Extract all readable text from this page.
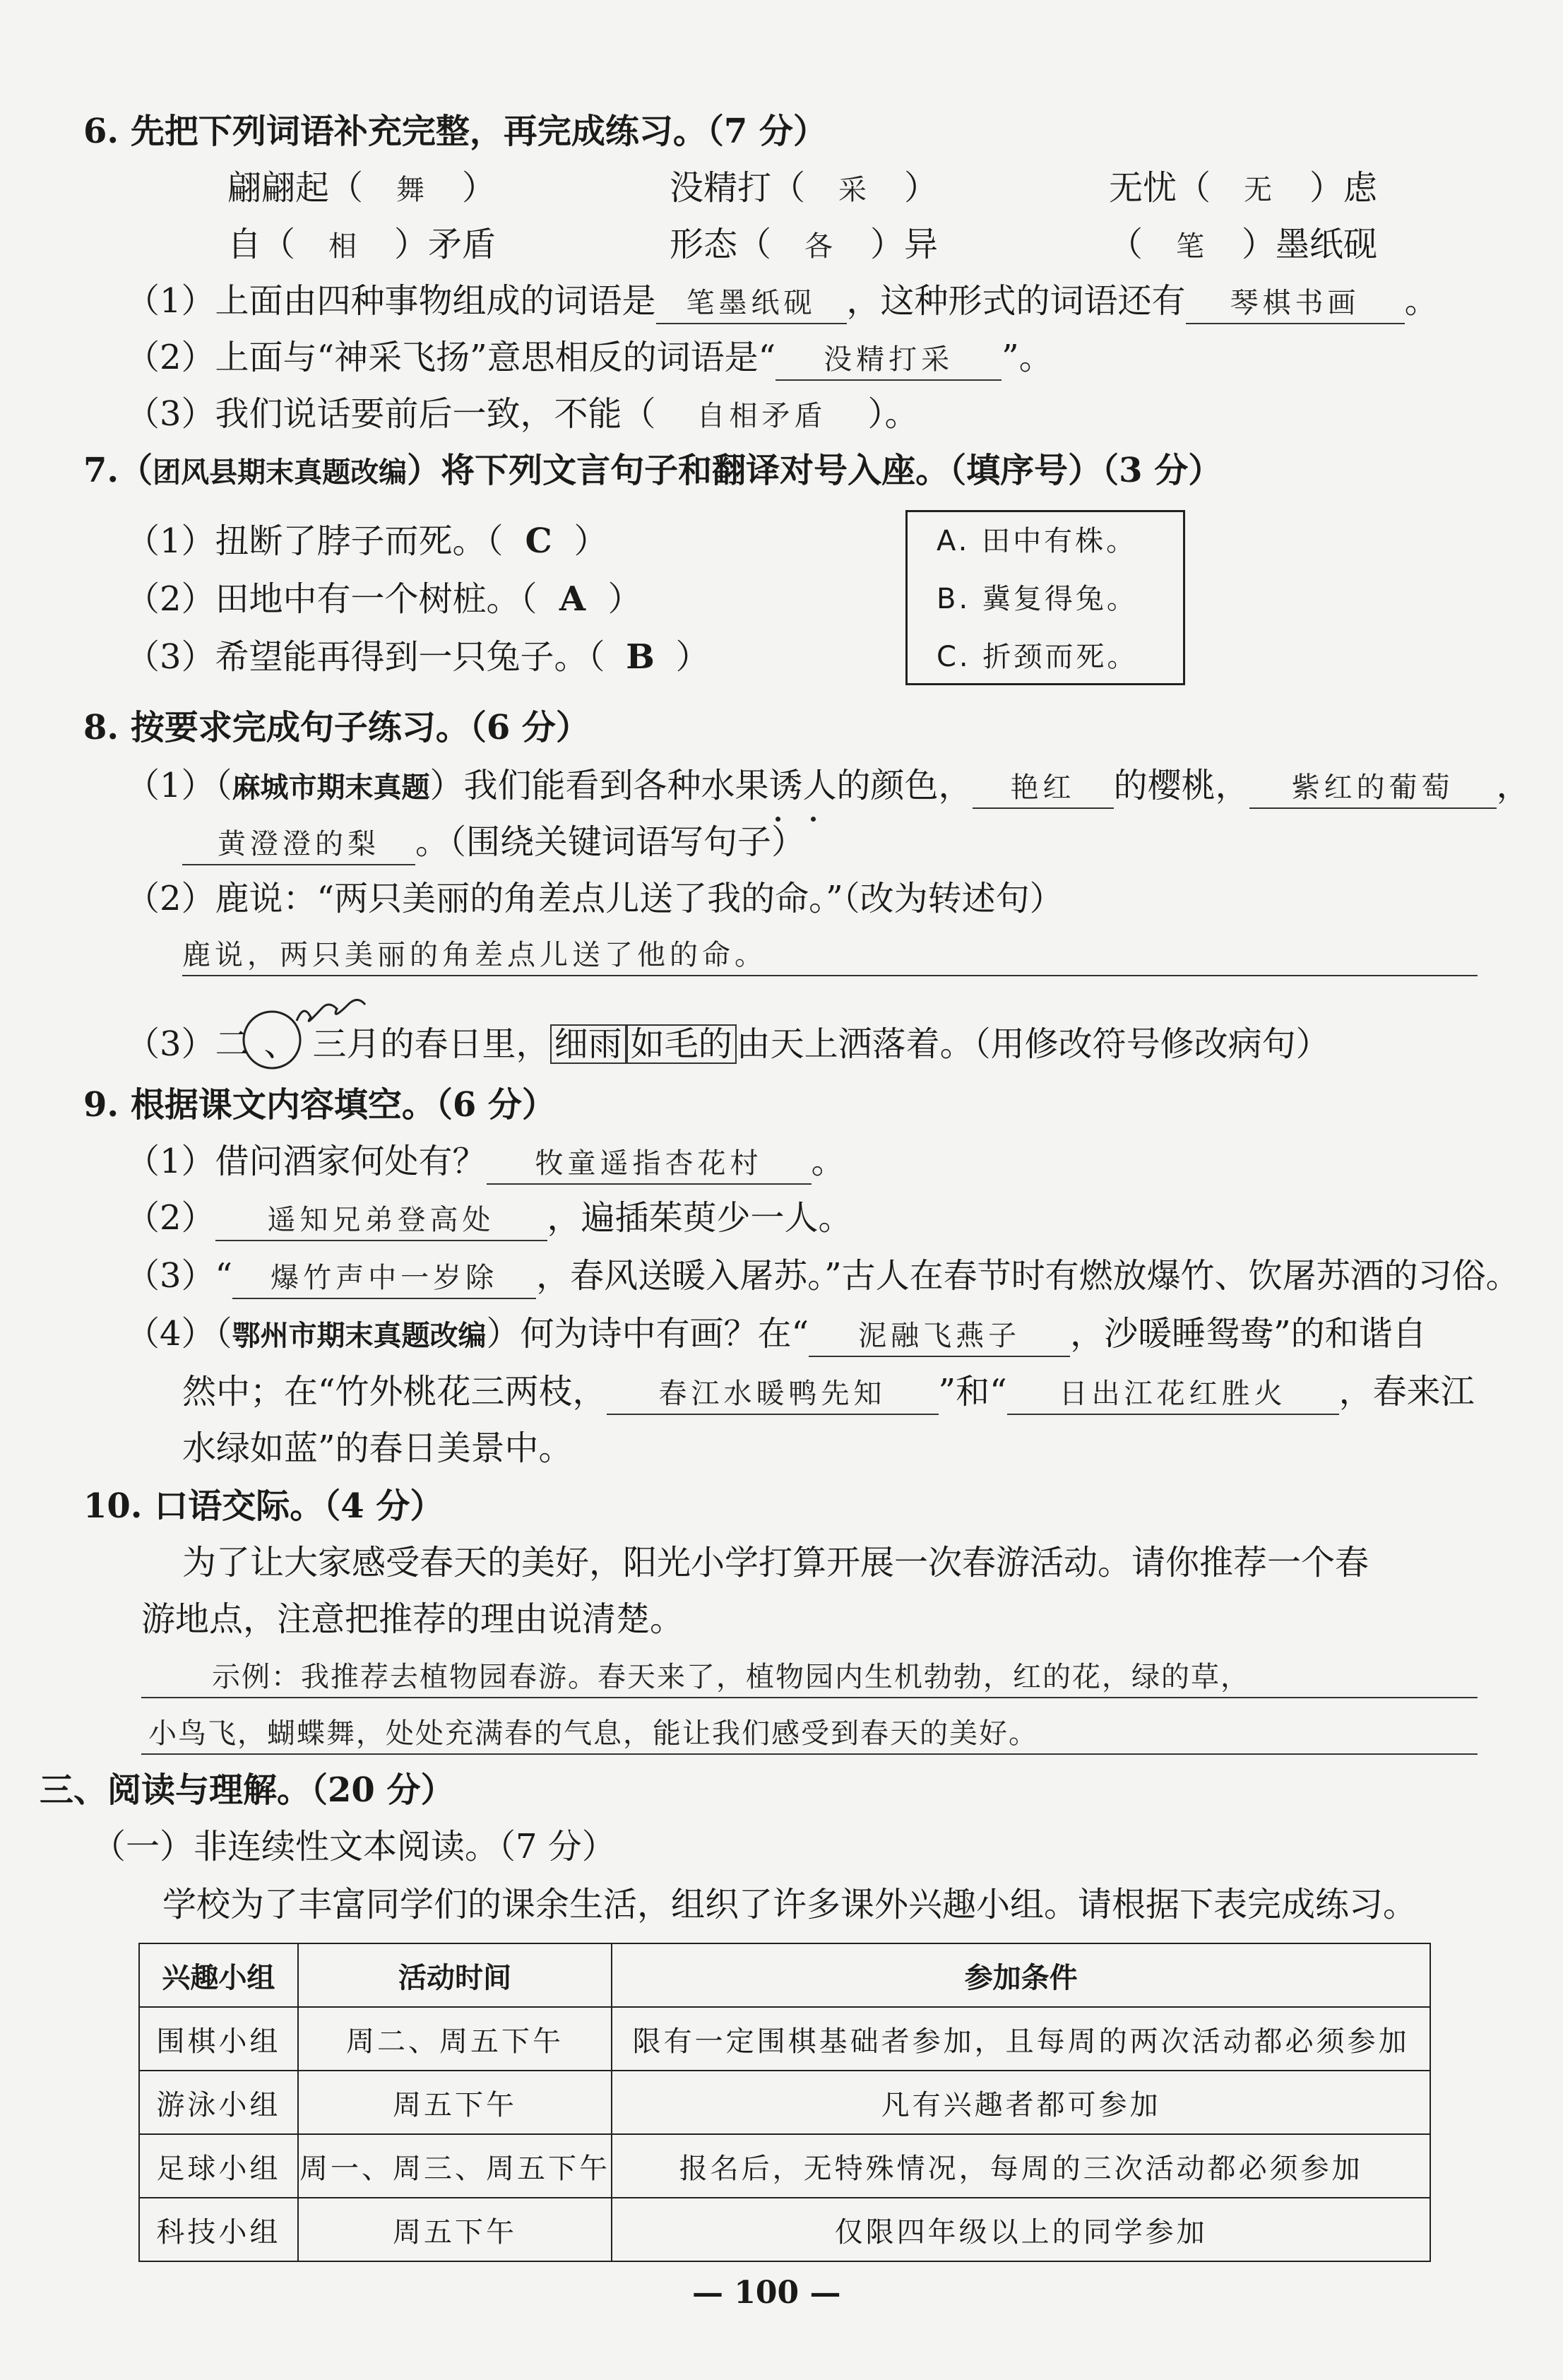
6. 先把下列词语补充完整，再完成练习。（7 分）
翩翩起（ 舞 ）	没精打（ 采 ）	无忧（ 无 ）虑
自（ 相 ）矛盾	形态（ 各 ）异	（ 笔 ）墨纸砚
（1）上面由四种事物组成的词语是 笔墨纸砚 ，这种形式的词语还有 琴棋书画 。
（2）上面与“神采飞扬”意思相反的词语是“ 没精打采 ”。
（3）我们说话要前后一致，不能（ 自相矛盾 ）。
7.（团风县期末真题改编）将下列文言句子和翻译对号入座。（填序号）（3 分）
（1）扭断了脖子而死。（ C ）
（2）田地中有一个树桩。（ A ）
（3）希望能再得到一只兔子。（ B ）
A. 田中有株。
B. 冀复得兔。
C. 折颈而死。
8. 按要求完成句子练习。（6 分）
（1）（麻城市期末真题）我们能看到各种水果诱人的颜色， 艳红 的樱桃， 紫红的葡萄 ，
黄澄澄的梨 。（围绕关键词语写句子）
（2）鹿说：“两只美丽的角差点儿送了我的命。”（改为转述句）
鹿说，两只美丽的角差点儿送了他的命。
（3）二 、 三月的春日里， 细雨 如毛的 由天上洒落着。（用修改符号修改病句）
9. 根据课文内容填空。（6 分）
（1）借问酒家何处有？ 牧童遥指杏花村 。
（2） 遥知兄弟登高处 ，遍插茱萸少一人。
（3）“ 爆竹声中一岁除 ，春风送暖入屠苏。”古人在春节时有燃放爆竹、饮屠苏酒的习俗。
（4）（鄂州市期末真题改编）何为诗中有画？在“ 泥融飞燕子 ，沙暖睡鸳鸯”的和谐自
然中；在“竹外桃花三两枝， 春江水暖鸭先知 ”和“ 日出江花红胜火 ，春来江
水绿如蓝”的春日美景中。
10. 口语交际。（4 分）
为了让大家感受春天的美好，阳光小学打算开展一次春游活动。请你推荐一个春
游地点，注意把推荐的理由说清楚。
示例：我推荐去植物园春游。春天来了，植物园内生机勃勃，红的花，绿的草，
小鸟飞，蝴蝶舞，处处充满春的气息，能让我们感受到春天的美好。
三、阅读与理解。（20 分）
（一）非连续性文本阅读。（7 分）
学校为了丰富同学们的课余生活，组织了许多课外兴趣小组。请根据下表完成练习。
兴趣小组	活动时间	参加条件
围棋小组	周二、周五下午	限有一定围棋基础者参加，且每周的两次活动都必须参加
游泳小组	周五下午	凡有兴趣者都可参加
足球小组	周一、周三、周五下午	报名后，无特殊情况，每周的三次活动都必须参加
科技小组	周五下午	仅限四年级以上的同学参加
— 100 —
